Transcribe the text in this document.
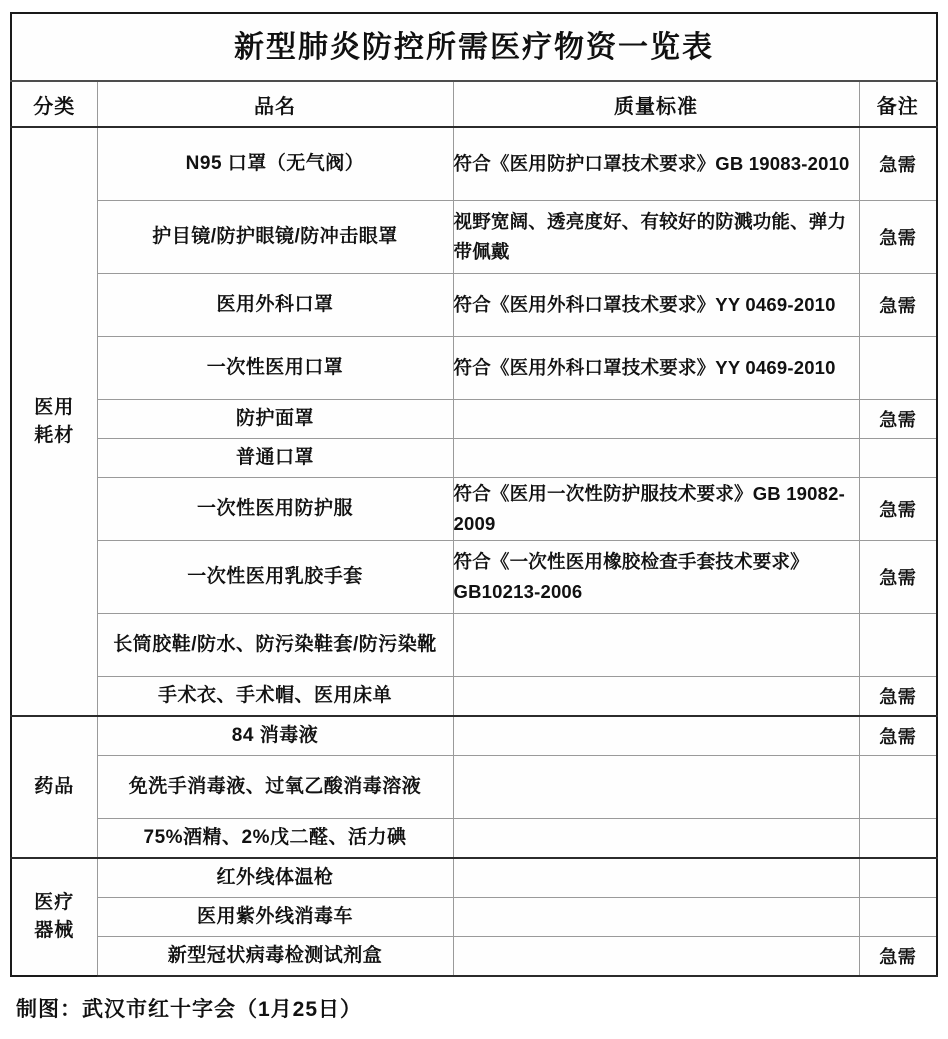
新型肺炎防控所需医疗物资一览表			

分类	品名	质量标准	备注

医用
耗材	N95 口罩（无气阀）	符合《医用防护口罩技术要求》GB 19083-2010	急需
	护目镜/防护眼镜/防冲击眼罩	视野宽阔、透亮度好、有较好的防溅功能、弹力带佩戴	急需
	医用外科口罩	符合《医用外科口罩技术要求》YY 0469-2010	急需
	一次性医用口罩	符合《医用外科口罩技术要求》YY 0469-2010	
	防护面罩		急需
	普通口罩		
	一次性医用防护服	符合《医用一次性防护服技术要求》GB 19082-2009	急需
	一次性医用乳胶手套	符合《一次性医用橡胶检查手套技术要求》GB10213-2006	急需
	长筒胶鞋/防水、防污染鞋套/防污染靴		
	手术衣、手术帽、医用床单		急需

药品	84 消毒液		急需
	免洗手消毒液、过氧乙酸消毒溶液		
	75%酒精、2%戊二醛、活力碘		

医疗
器械	红外线体温枪		
	医用紫外线消毒车		
	新型冠状病毒检测试剂盒		急需
制图：武汉市红十字会（1月25日）
